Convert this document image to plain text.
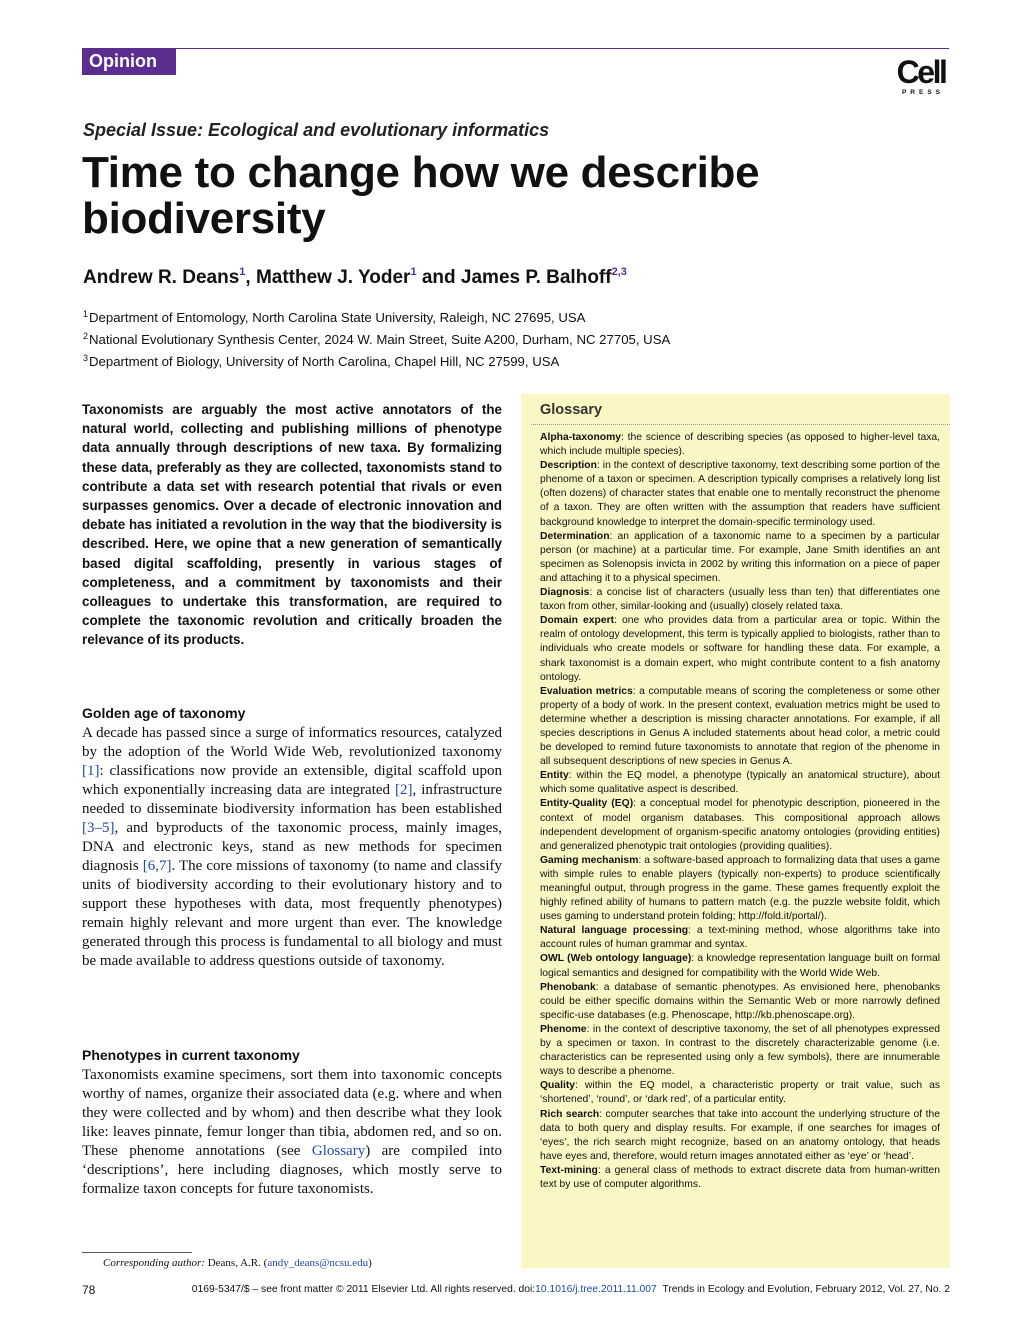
Opinion	Cell
PRESS
Special Issue: Ecological and evolutionary informatics
Time to change how we describe biodiversity
Andrew R. Deans$^1$, Matthew J. Yoder$^1$ and James P. Balhoff$^{2,3}$
$^1$Department of Entomology, North Carolina State University, Raleigh, NC 27695, USA
$^2$National Evolutionary Synthesis Center, 2024 W. Main Street, Suite A200, Durham, NC 27705, USA
$^3$Department of Biology, University of North Carolina, Chapel Hill, NC 27599, USA

Taxonomists are arguably the most active annotators of the natural world, collecting and publishing millions of phenotype data annually through descriptions of new taxa. By formalizing these data, preferably as they are collected, taxonomists stand to contribute a data set with research potential that rivals or even surpasses genomics. Over a decade of electronic innovation and debate has initiated a revolution in the way that the biodiversity is described. Here, we opine that a new generation of semantically based digital scaffolding, presently in various stages of completeness, and a commitment by taxonomists and their colleagues to undertake this transformation, are required to complete the taxonomic revolution and critically broaden the relevance of its products.

Golden age of taxonomy

A decade has passed since a surge of informatics resources, catalyzed by the adoption of the World Wide Web, revolutionized taxonomy [1]: classifications now provide an extensible, digital scaffold upon which exponentially increasing data are integrated [2], infrastructure needed to disseminate biodiversity information has been established [3–5], and byproducts of the taxonomic process, mainly images, DNA and electronic keys, stand as new methods for specimen diagnosis [6,7]. The core missions of taxonomy (to name and classify units of biodiversity according to their evolutionary history and to support these hypotheses with data, most frequently phenotypes) remain highly relevant and more urgent than ever. The knowledge generated through this process is fundamental to all biology and must be made available to address questions outside of taxonomy.

Phenotypes in current taxonomy

Taxonomists examine specimens, sort them into taxonomic concepts worthy of names, organize their associated data (e.g. where and when they were collected and by whom) and then describe what they look like: leaves pinnate, femur longer than tibia, abdomen red, and so on. These phenome annotations (see Glossary) are compiled into ‘descriptions’, here including diagnoses, which mostly serve to formalize taxon concepts for future taxonomists.

Glossary

Alpha-taxonomy: the science of describing species (as opposed to higher-level taxa, which include multiple species).

Description: in the context of descriptive taxonomy, text describing some portion of the phenome of a taxon or specimen. A description typically comprises a relatively long list (often dozens) of character states that enable one to mentally reconstruct the phenome of a taxon. They are often written with the assumption that readers have sufficient background knowledge to interpret the domain-specific terminology used.

Determination: an application of a taxonomic name to a specimen by a particular person (or machine) at a particular time. For example, Jane Smith identifies an ant specimen as Solenopsis invicta in 2002 by writing this information on a piece of paper and attaching it to a physical specimen.

Diagnosis: a concise list of characters (usually less than ten) that differentiates one taxon from other, similar-looking and (usually) closely related taxa.

Domain expert: one who provides data from a particular area or topic. Within the realm of ontology development, this term is typically applied to biologists, rather than to individuals who create models or software for handling these data. For example, a shark taxonomist is a domain expert, who might contribute content to a fish anatomy ontology.

Evaluation metrics: a computable means of scoring the completeness or some other property of a body of work. In the present context, evaluation metrics might be used to determine whether a description is missing character annotations. For example, if all species descriptions in Genus A included statements about head color, a metric could be developed to remind future taxonomists to annotate that region of the phenome in all subsequent descriptions of new species in Genus A.

Entity: within the EQ model, a phenotype (typically an anatomical structure), about which some qualitative aspect is described.

Entity-Quality (EQ): a conceptual model for phenotypic description, pioneered in the context of model organism databases. This compositional approach allows independent development of organism-specific anatomy ontologies (providing entities) and generalized phenotypic trait ontologies (providing qualities).

Gaming mechanism: a software-based approach to formalizing data that uses a game with simple rules to enable players (typically non-experts) to produce scientifically meaningful output, through progress in the game. These games frequently exploit the highly refined ability of humans to pattern match (e.g. the puzzle website foldit, which uses gaming to understand protein folding; http://fold.it/portal/).

Natural language processing: a text-mining method, whose algorithms take into account rules of human grammar and syntax.

OWL (Web ontology language): a knowledge representation language built on formal logical semantics and designed for compatibility with the World Wide Web.

Phenobank: a database of semantic phenotypes. As envisioned here, phenobanks could be either specific domains within the Semantic Web or more narrowly defined specific-use databases (e.g. Phenoscape, http://kb.phenoscape.org).

Phenome: in the context of descriptive taxonomy, the set of all phenotypes expressed by a specimen or taxon. In contrast to the discretely characterizable genome (i.e. characteristics can be represented using only a few symbols), there are innumerable ways to describe a phenome.

Quality: within the EQ model, a characteristic property or trait value, such as ‘shortened’, ‘round’, or ‘dark red’, of a particular entity.

Rich search: computer searches that take into account the underlying structure of the data to both query and display results. For example, if one searches for images of ‘eyes’, the rich search might recognize, based on an anatomy ontology, that heads have eyes and, therefore, would return images annotated either as ‘eye’ or ‘head’.

Text-mining: a general class of methods to extract discrete data from human-written text by use of computer algorithms.

Corresponding author: Deans, A.R. (andy_deans@ncsu.edu)
78	0169-5347/$ – see front matter © 2011 Elsevier Ltd. All rights reserved. doi:10.1016/j.tree.2011.11.007 Trends in Ecology and Evolution, February 2012, Vol. 27, No. 2
